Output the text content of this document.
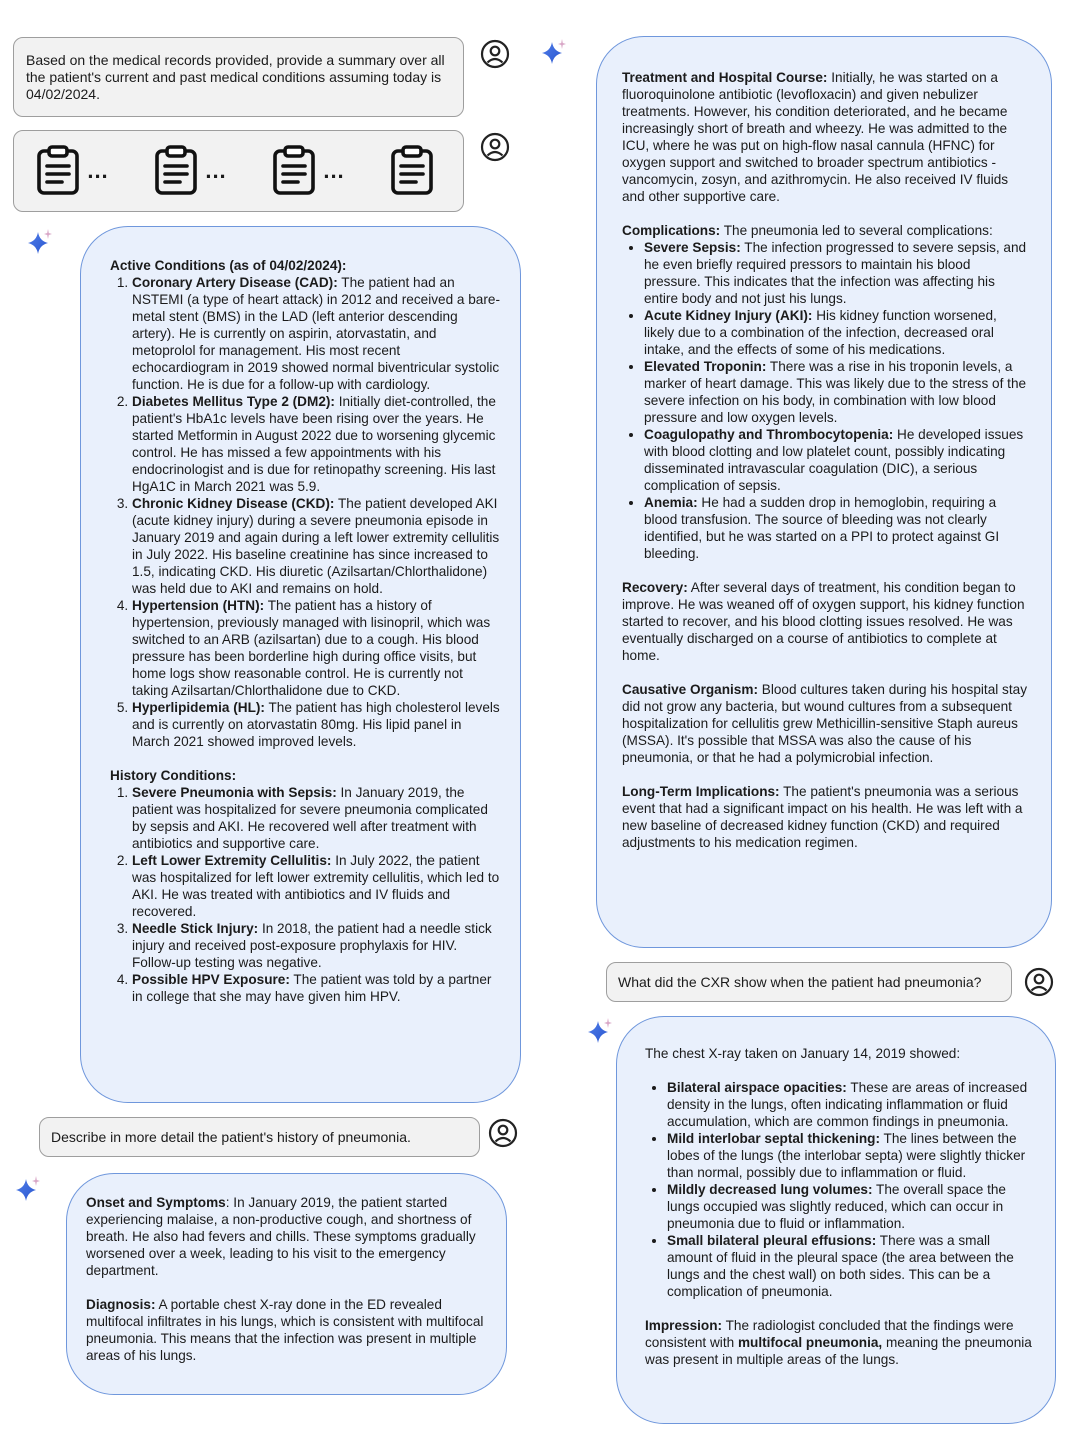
Based on the medical records provided, provide a summary over all the patient's current and past medical conditions assuming today is 04/02/2024.
...	...	...

Active Conditions (as of 04/02/2024):

1. Coronary Artery Disease (CAD): The patient had an NSTEMI (a type of heart attack) in 2012 and received a bare-metal stent (BMS) in the LAD (left anterior descending artery). He is currently on aspirin, atorvastatin, and metoprolol for management. His most recent echocardiogram in 2019 showed normal biventricular systolic function. He is due for a follow-up with cardiology.
2. Diabetes Mellitus Type 2 (DM2): Initially diet-controlled, the patient's HbA1c levels have been rising over the years. He started Metformin in August 2022 due to worsening glycemic control. He has missed a few appointments with his endocrinologist and is due for retinopathy screening. His last HgA1C in March 2021 was 5.9.
3. Chronic Kidney Disease (CKD): The patient developed AKI (acute kidney injury) during a severe pneumonia episode in January 2019 and again during a left lower extremity cellulitis in July 2022. His baseline creatinine has since increased to 1.5, indicating CKD. His diuretic (Azilsartan/Chlorthalidone) was held due to AKI and remains on hold.
4. Hypertension (HTN): The patient has a history of hypertension, previously managed with lisinopril, which was switched to an ARB (azilsartan) due to a cough. His blood pressure has been borderline high during office visits, but home logs show reasonable control. He is currently not taking Azilsartan/Chlorthalidone due to CKD.
5. Hyperlipidemia (HL): The patient has high cholesterol levels and is currently on atorvastatin 80mg. His lipid panel in March 2021 showed improved levels.

History Conditions:

1. Severe Pneumonia with Sepsis: In January 2019, the patient was hospitalized for severe pneumonia complicated by sepsis and AKI. He recovered well after treatment with antibiotics and supportive care.
2. Left Lower Extremity Cellulitis: In July 2022, the patient was hospitalized for left lower extremity cellulitis, which led to AKI. He was treated with antibiotics and IV fluids and recovered.
3. Needle Stick Injury: In 2018, the patient had a needle stick injury and received post-exposure prophylaxis for HIV. Follow-up testing was negative.
4. Possible HPV Exposure: The patient was told by a partner in college that she may have given him HPV.
Describe in more detail the patient's history of pneumonia.

Onset and Symptoms: In January 2019, the patient started experiencing malaise, a non-productive cough, and shortness of breath. He also had fevers and chills. These symptoms gradually worsened over a week, leading to his visit to the emergency department.

Diagnosis: A portable chest X-ray done in the ED revealed multifocal infiltrates in his lungs, which is consistent with multifocal pneumonia. This means that the infection was present in multiple areas of his lungs.

Treatment and Hospital Course: Initially, he was started on a fluoroquinolone antibiotic (levofloxacin) and given nebulizer treatments. However, his condition deteriorated, and he became increasingly short of breath and wheezy. He was admitted to the ICU, where he was put on high-flow nasal cannula (HFNC) for oxygen support and switched to broader spectrum antibiotics - vancomycin, zosyn, and azithromycin. He also received IV fluids and other supportive care.

Complications: The pneumonia led to several complications:

• Severe Sepsis: The infection progressed to severe sepsis, and he even briefly required pressors to maintain his blood pressure. This indicates that the infection was affecting his entire body and not just his lungs.
• Acute Kidney Injury (AKI): His kidney function worsened, likely due to a combination of the infection, decreased oral intake, and the effects of some of his medications.
• Elevated Troponin: There was a rise in his troponin levels, a marker of heart damage. This was likely due to the stress of the severe infection on his body, in combination with low blood pressure and low oxygen levels.
• Coagulopathy and Thrombocytopenia: He developed issues with blood clotting and low platelet count, possibly indicating disseminated intravascular coagulation (DIC), a serious complication of sepsis.
• Anemia: He had a sudden drop in hemoglobin, requiring a blood transfusion. The source of bleeding was not clearly identified, but he was started on a PPI to protect against GI bleeding.

Recovery: After several days of treatment, his condition began to improve. He was weaned off of oxygen support, his kidney function started to recover, and his blood clotting issues resolved. He was eventually discharged on a course of antibiotics to complete at home.

Causative Organism: Blood cultures taken during his hospital stay did not grow any bacteria, but wound cultures from a subsequent hospitalization for cellulitis grew Methicillin-sensitive Staph aureus (MSSA). It's possible that MSSA was also the cause of his pneumonia, or that he had a polymicrobial infection.

Long-Term Implications: The patient's pneumonia was a serious event that had a significant impact on his health. He was left with a new baseline of decreased kidney function (CKD) and required adjustments to his medication regimen.

What did the CXR show when the patient had pneumonia?

The chest X-ray taken on January 14, 2019 showed:

• Bilateral airspace opacities: These are areas of increased density in the lungs, often indicating inflammation or fluid accumulation, which are common findings in pneumonia.
• Mild interlobar septal thickening: The lines between the lobes of the lungs (the interlobar septa) were slightly thicker than normal, possibly due to inflammation or fluid.
• Mildly decreased lung volumes: The overall space the lungs occupied was slightly reduced, which can occur in pneumonia due to fluid or inflammation.
• Small bilateral pleural effusions: There was a small amount of fluid in the pleural space (the area between the lungs and the chest wall) on both sides. This can be a complication of pneumonia.

Impression: The radiologist concluded that the findings were consistent with multifocal pneumonia, meaning the pneumonia was present in multiple areas of the lungs.
